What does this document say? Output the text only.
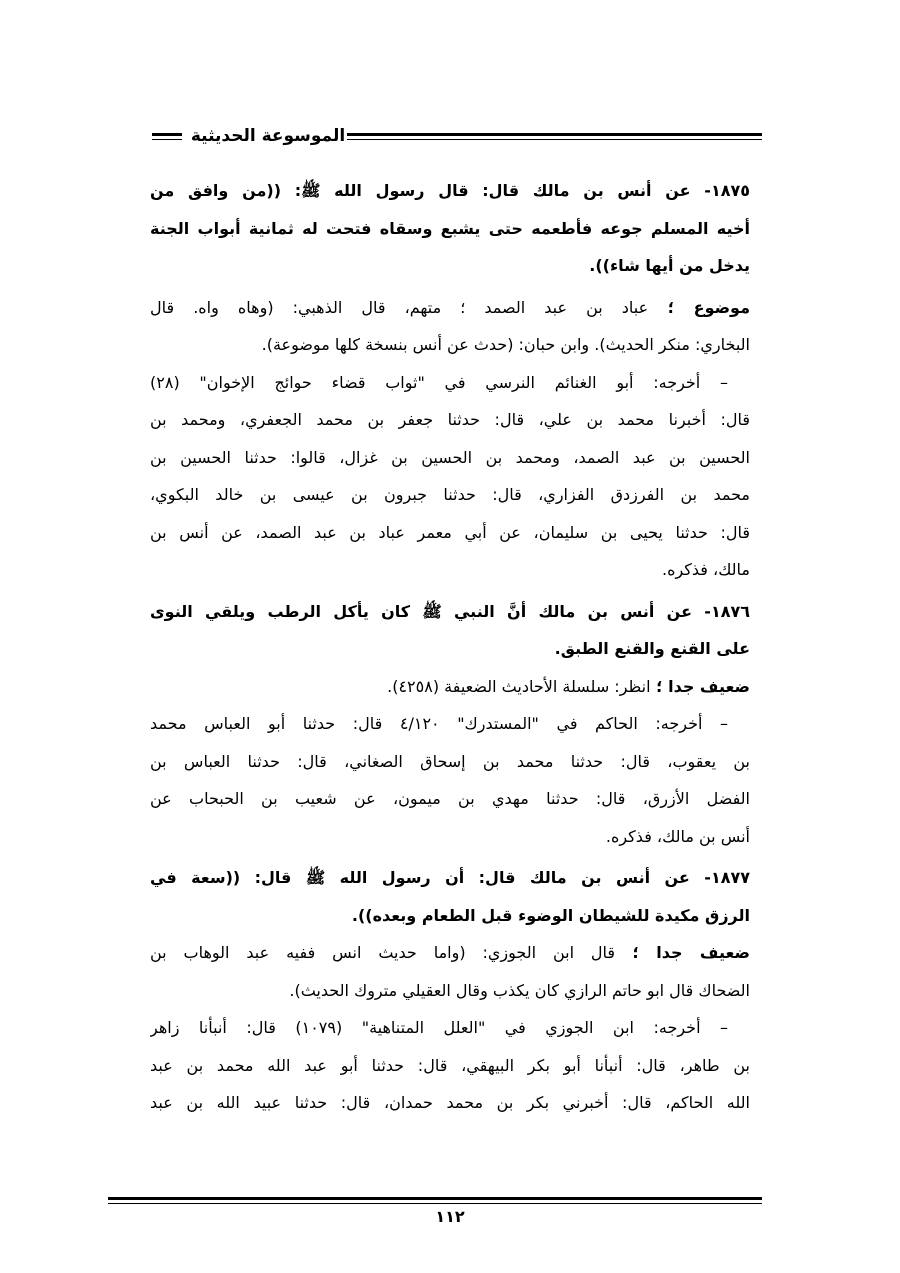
الموسوعة الحديثية
١٨٧٥- عن أنس بن مالك قال: قال رسول الله ﷺ: ((من وافق من
أخيه المسلم جوعه فأطعمه حتى يشبع وسقاه فتحت له ثمانية أبواب الجنة
يدخل من أيها شاء)).
موضوع ؛ عباد بن عبد الصمد ؛ متهم، قال الذهبي: (وهاه واه. قال
البخاري: منكر الحديث). وابن حبان: (حدث عن أنس بنسخة كلها موضوعة).
– أخرجه: أبو الغنائم النرسي في "ثواب قضاء حوائج الإخوان" (٢٨)
قال: أخبرنا محمد بن علي، قال: حدثنا جعفر بن محمد الجعفري، ومحمد بن
الحسين بن عبد الصمد، ومحمد بن الحسين بن غزال، قالوا: حدثنا الحسين بن
محمد بن الفرزدق الفزاري، قال: حدثنا جبرون بن عيسى بن خالد البكوي،
قال: حدثنا يحيى بن سليمان، عن أبي معمر عباد بن عبد الصمد، عن أنس بن
مالك، فذكره.
١٨٧٦- عن أنس بن مالك أنَّ النبي ﷺ كان يأكل الرطب ويلقي النوى
على القنع والقنع الطبق.
ضعيف جدا ؛ انظر: سلسلة الأحاديث الضعيفة (٤٢٥٨).
– أخرجه: الحاكم في "المستدرك" ٤/١٢٠ قال: حدثنا أبو العباس محمد
بن يعقوب، قال: حدثنا محمد بن إسحاق الصغاني، قال: حدثنا العباس بن
الفضل الأزرق، قال: حدثنا مهدي بن ميمون، عن شعيب بن الحبحاب عن
أنس بن مالك، فذكره.
١٨٧٧- عن أنس بن مالك قال: أن رسول الله ﷺ قال: ((سعة في
الرزق مكيدة للشيطان الوضوء قبل الطعام وبعده)).
ضعيف جدا ؛ قال ابن الجوزي: (واما حديث انس ففيه عبد الوهاب بن
الضحاك قال ابو حاتم الرازي كان يكذب وقال العقيلي متروك الحديث).
– أخرجه: ابن الجوزي في "العلل المتناهية" (١٠٧٩) قال: أنبأنا زاهر
بن طاهر، قال: أنبأنا أبو بكر البيهقي، قال: حدثنا أبو عبد الله محمد بن عبد
الله الحاكم، قال: أخبرني بكر بن محمد حمدان، قال: حدثنا عبيد الله بن عبد
١١٢
